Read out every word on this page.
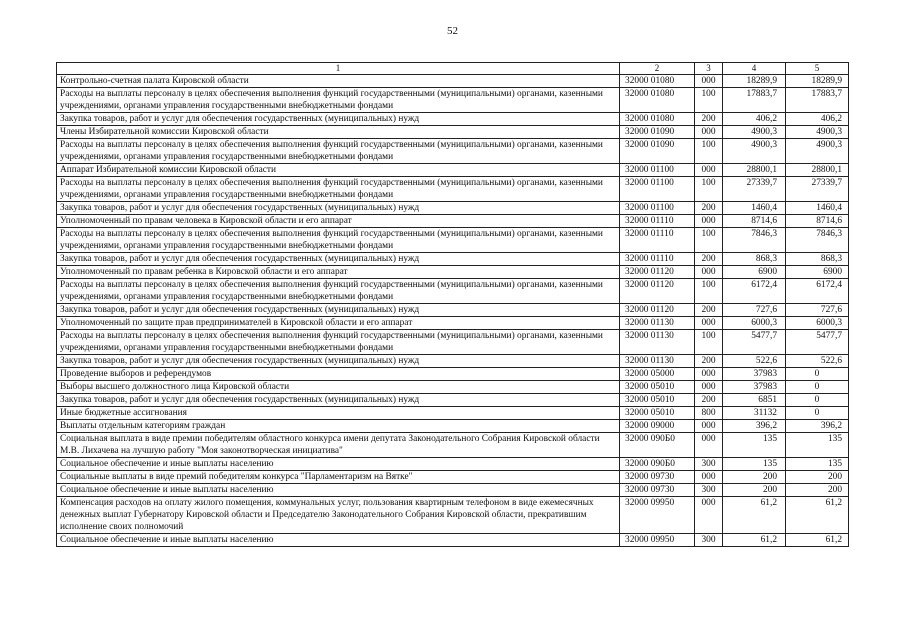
52
1	2	3	4	5
Контрольно-счетная палата Кировской области	32000 01080	000	18289,9	18289,9
Расходы на выплаты персоналу в целях обеспечения выполнения функций государственными (муниципальными) органами, казенными учреждениями, органами управления государственными внебюджетными фондами	32000 01080	100	17883,7	17883,7
Закупка товаров, работ и услуг для обеспечения государственных (муниципальных) нужд	32000 01080	200	406,2	406,2
Члены Избирательной комиссии Кировской области	32000 01090	000	4900,3	4900,3
Расходы на выплаты персоналу в целях обеспечения выполнения функций государственными (муниципальными) органами, казенными учреждениями, органами управления государственными внебюджетными фондами	32000 01090	100	4900,3	4900,3
Аппарат Избирательной комиссии Кировской области	32000 01100	000	28800,1	28800,1
Расходы на выплаты персоналу в целях обеспечения выполнения функций государственными (муниципальными) органами, казенными учреждениями, органами управления государственными внебюджетными фондами	32000 01100	100	27339,7	27339,7
Закупка товаров, работ и услуг для обеспечения государственных (муниципальных) нужд	32000 01100	200	1460,4	1460,4
Уполномоченный по правам человека в Кировской области и его аппарат	32000 01110	000	8714,6	8714,6
Расходы на выплаты персоналу в целях обеспечения выполнения функций государственными (муниципальными) органами, казенными учреждениями, органами управления государственными внебюджетными фондами	32000 01110	100	7846,3	7846,3
Закупка товаров, работ и услуг для обеспечения государственных (муниципальных) нужд	32000 01110	200	868,3	868,3
Уполномоченный по правам ребенка в Кировской области и его аппарат	32000 01120	000	6900	6900
Расходы на выплаты персоналу в целях обеспечения выполнения функций государственными (муниципальными) органами, казенными учреждениями, органами управления государственными внебюджетными фондами	32000 01120	100	6172,4	6172,4
Закупка товаров, работ и услуг для обеспечения государственных (муниципальных) нужд	32000 01120	200	727,6	727,6
Уполномоченный по защите прав предпринимателей в Кировской области и его аппарат	32000 01130	000	6000,3	6000,3
Расходы на выплаты персоналу в целях обеспечения выполнения функций государственными (муниципальными) органами, казенными учреждениями, органами управления государственными внебюджетными фондами	32000 01130	100	5477,7	5477,7
Закупка товаров, работ и услуг для обеспечения государственных (муниципальных) нужд	32000 01130	200	522,6	522,6
Проведение выборов и референдумов	32000 05000	000	37983	0
Выборы высшего должностного лица Кировской области	32000 05010	000	37983	0
Закупка товаров, работ и услуг для обеспечения государственных (муниципальных) нужд	32000 05010	200	6851	0
Иные бюджетные ассигнования	32000 05010	800	31132	0
Выплаты отдельным категориям граждан	32000 09000	000	396,2	396,2
Социальная выплата в виде премии победителям областного конкурса имени депутата Законодательного Собрания Кировской области М.В. Лихачева на лучшую работу "Моя законотворческая инициатива"	32000 090Б0	000	135	135
Социальное обеспечение и иные выплаты населению	32000 090Б0	300	135	135
Социальные выплаты в виде премий победителям конкурса "Парламентаризм на Вятке"	32000 09730	000	200	200
Социальное обеспечение и иные выплаты населению	32000 09730	300	200	200
Компенсация расходов на оплату жилого помещения, коммунальных услуг, пользования квартирным телефоном в виде ежемесячных денежных выплат Губернатору Кировской области и Председателю Законодательного Собрания Кировской области, прекратившим исполнение своих полномочий	32000 09950	000	61,2	61,2
Социальное обеспечение и иные выплаты населению	32000 09950	300	61,2	61,2
